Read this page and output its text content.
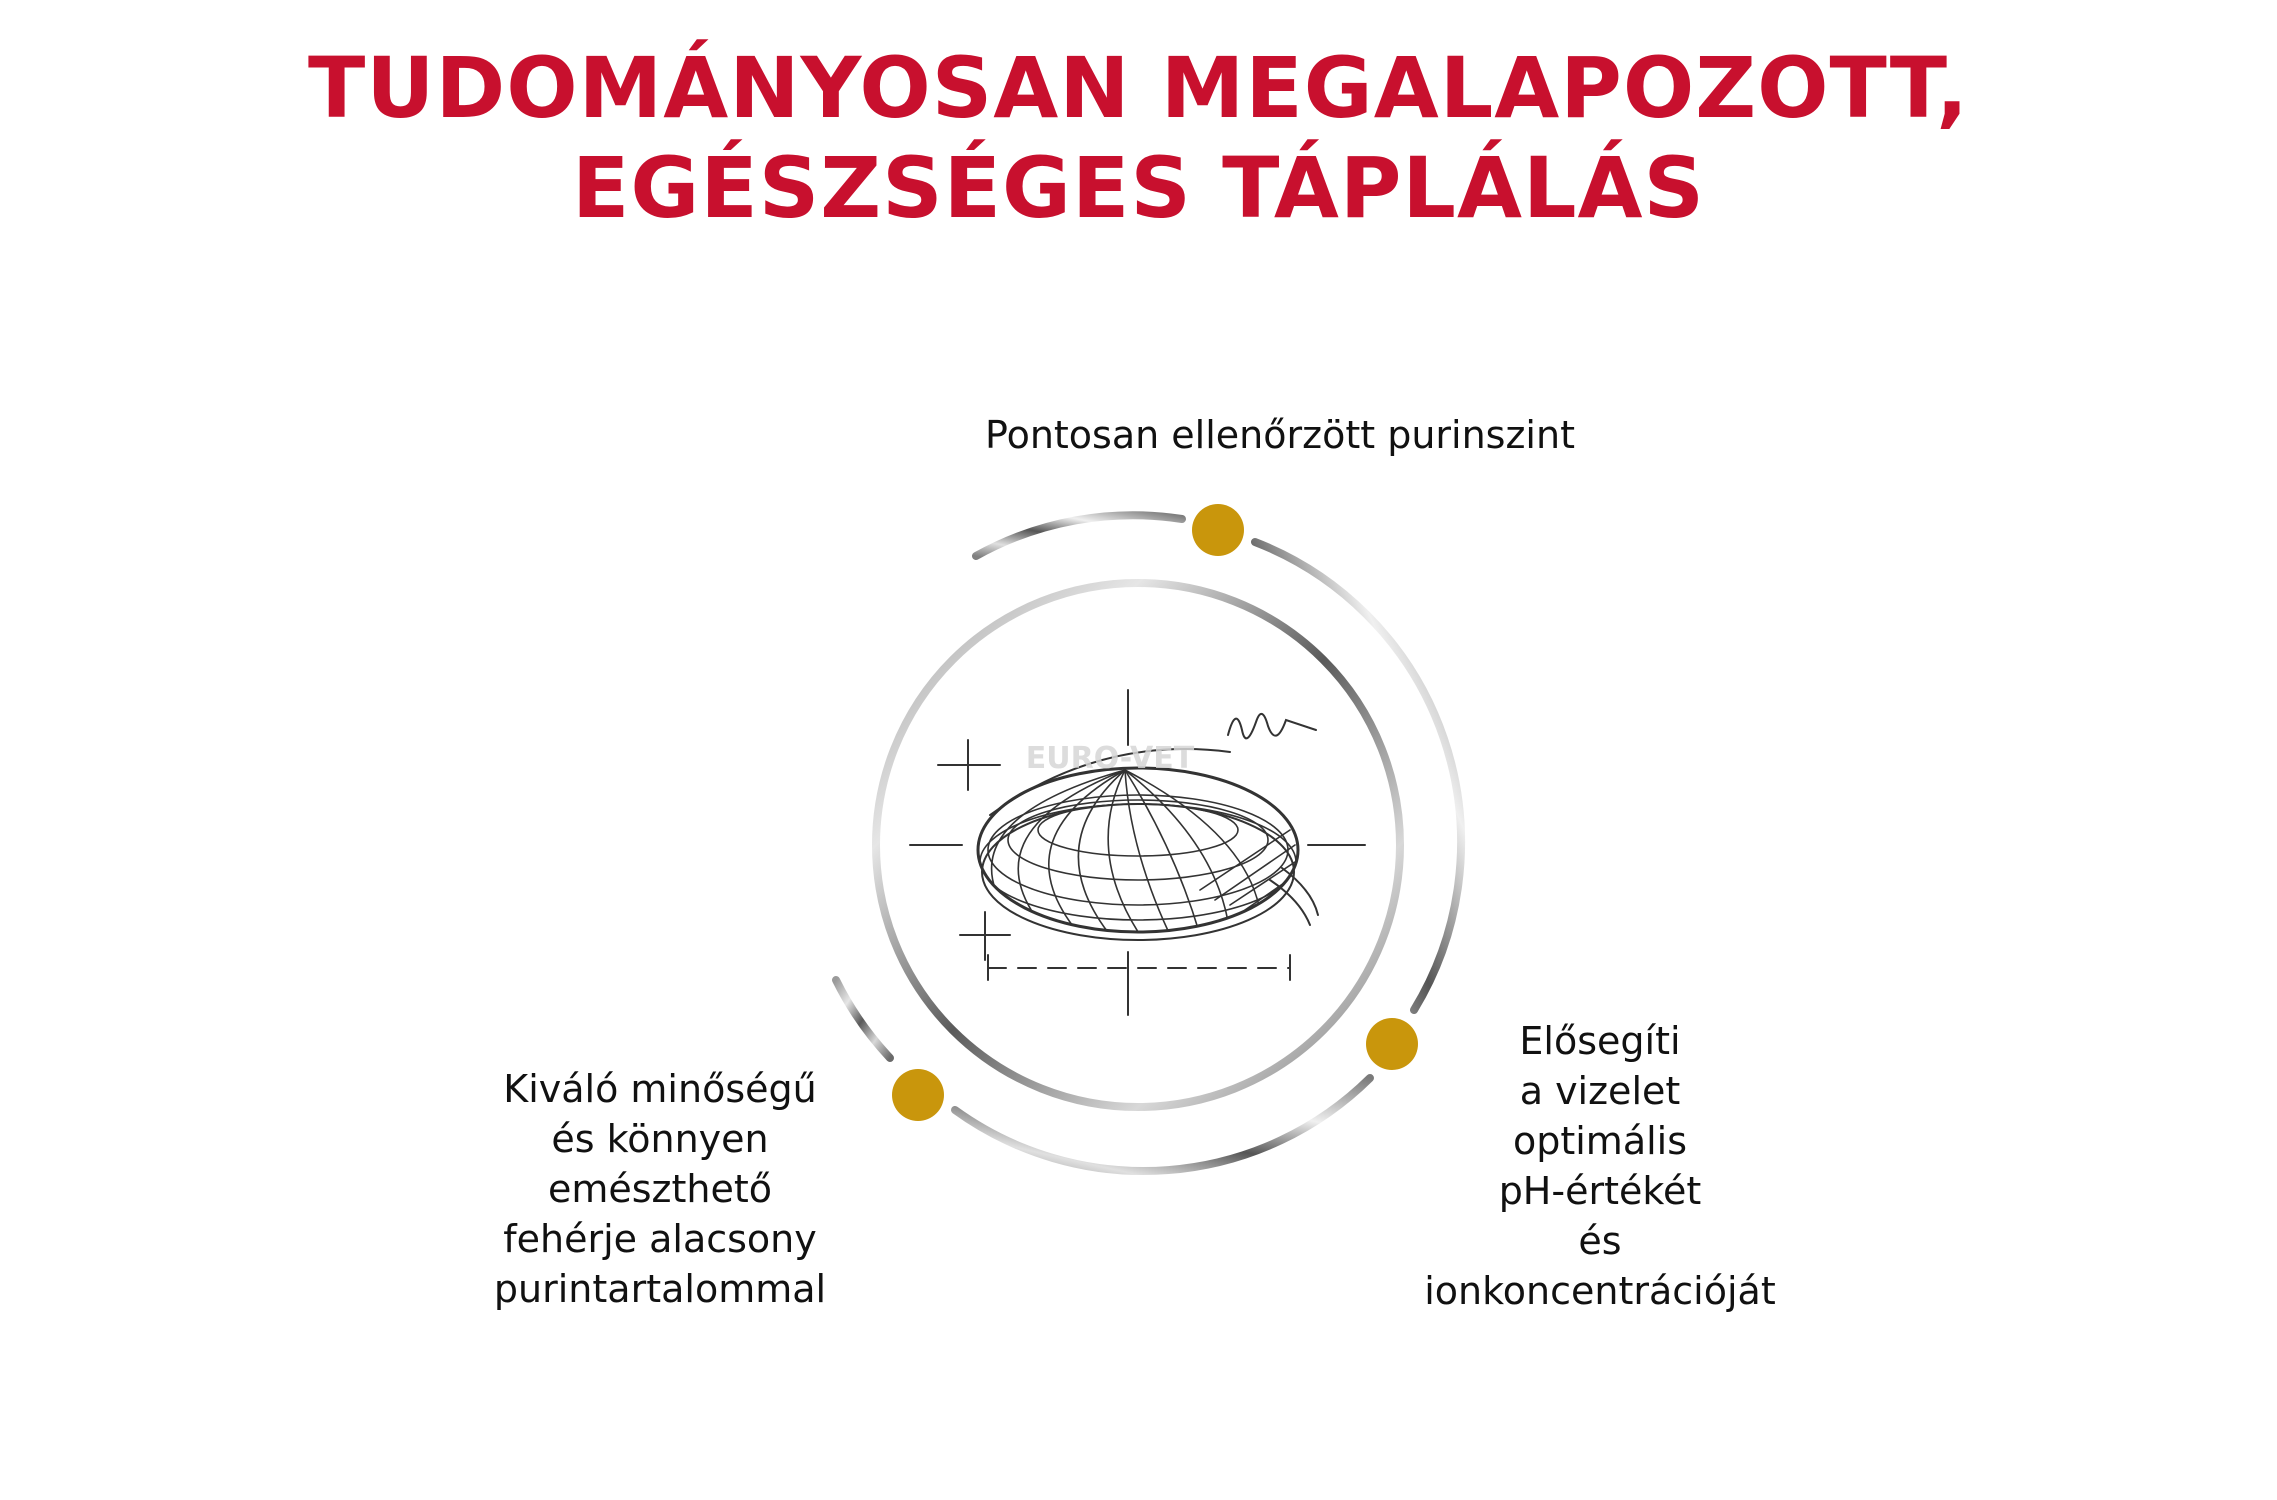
TUDOMÁNYOSAN MEGALAPOZOTT,
EGÉSZSÉGES TÁPLÁLÁS
EURO-VET
Pontosan ellenőrzött purinszint
Kiváló minőségű
és könnyen
emészthető
fehérje alacsony
purintartalommal
Elősegíti
a vizelet
optimális
pH-értékét
és
ionkoncentrációját
